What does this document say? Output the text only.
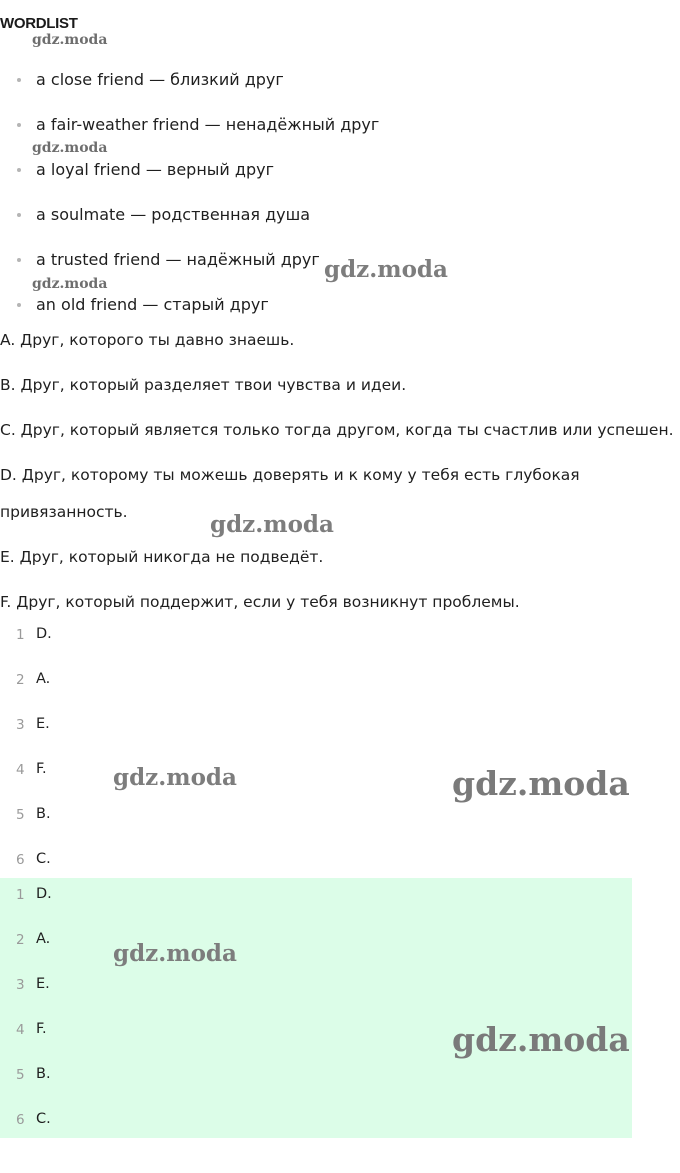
WORDLIST
gdz.moda
a close friend — близкий друг
a fair-weather friend — ненадёжный друг
a loyal friend — верный друг
a soulmate — родственная душа
a trusted friend — надёжный друг
an old friend — старый друг
gdz.moda
gdz.moda
gdz.moda
A. Друг, которого ты давно знаешь.
B. Друг, который разделяет твои чувства и идеи.
C. Друг, который является только тогда другом, когда ты счастлив или успешен.
D. Друг, которому ты можешь доверять и к кому у тебя есть глубокая
привязанность.
E. Друг, который никогда не подведёт.
F. Друг, который поддержит, если у тебя возникнут проблемы.
gdz.moda
1 D.
2 A.
3 E.
4 F.
5 B.
6 C.
gdz.moda	gdz.moda
1 D.
2 A.
3 E.
4 F.
5 B.
6 C.
gdz.moda
gdz.moda
